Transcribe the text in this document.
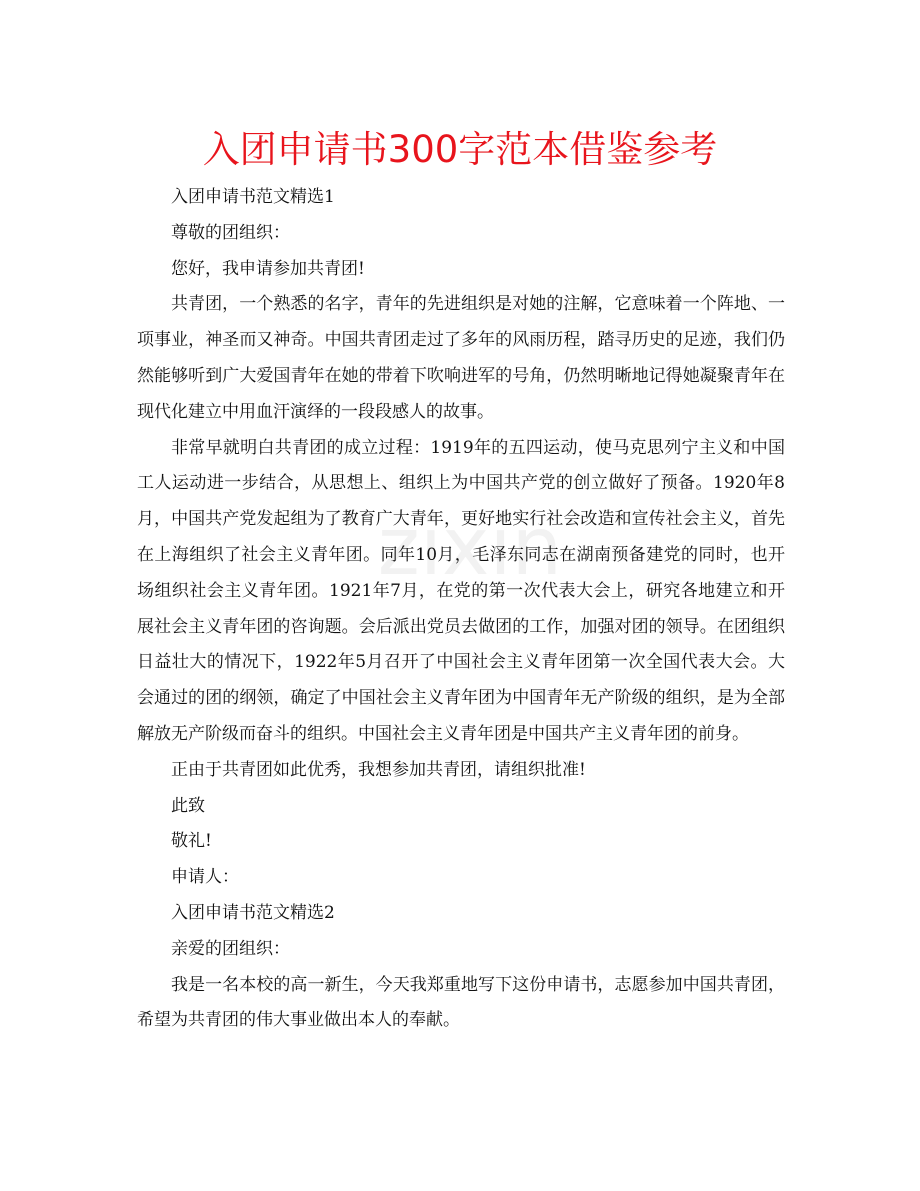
zixin
入团申请书300字范本借鉴参考

入团申请书范文精选1

尊敬的团组织：

您好，我申请参加共青团!

共青团，一个熟悉的名字，青年的先进组织是对她的注解，它意味着一个阵地、一项事业，神圣而又神奇。中国共青团走过了多年的风雨历程，踏寻历史的足迹，我们仍然能够听到广大爱国青年在她的带着下吹响进军的号角，仍然明晰地记得她凝聚青年在现代化建立中用血汗演绎的一段段感人的故事。

非常早就明白共青团的成立过程：1919年的五四运动，使马克思列宁主义和中国工人运动进一步结合，从思想上、组织上为中国共产党的创立做好了预备。1920年8月，中国共产党发起组为了教育广大青年，更好地实行社会改造和宣传社会主义，首先在上海组织了社会主义青年团。同年10月，毛泽东同志在湖南预备建党的同时，也开场组织社会主义青年团。1921年7月，在党的第一次代表大会上，研究各地建立和开展社会主义青年团的咨询题。会后派出党员去做团的工作，加强对团的领导。在团组织日益壮大的情况下，1922年5月召开了中国社会主义青年团第一次全国代表大会。大会通过的团的纲领，确定了中国社会主义青年团为中国青年无产阶级的组织，是为全部解放无产阶级而奋斗的组织。中国社会主义青年团是中国共产主义青年团的前身。

正由于共青团如此优秀，我想参加共青团，请组织批准!

此致

敬礼!

申请人：

入团申请书范文精选2

亲爱的团组织：

我是一名本校的高一新生，今天我郑重地写下这份申请书，志愿参加中国共青团，希望为共青团的伟大事业做出本人的奉献。
